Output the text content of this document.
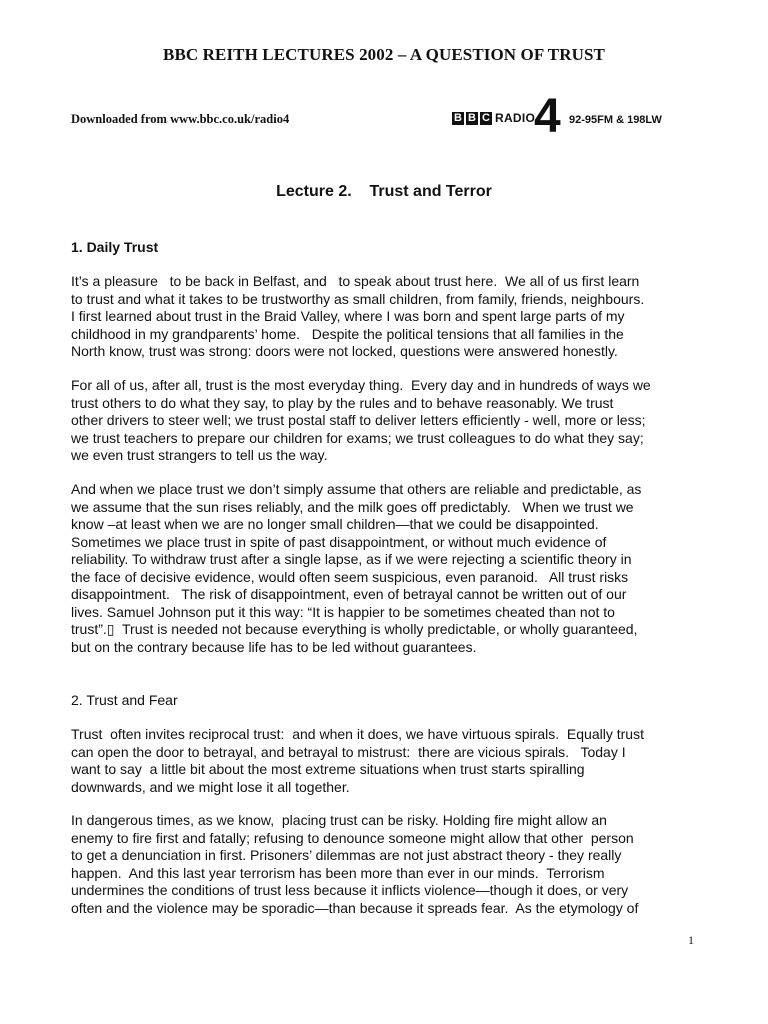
BBC REITH LECTURES 2002 – A QUESTION OF TRUST
Downloaded from www.bbc.co.uk/radio4	B B C RADIO
4 92-95FM & 198LW
Lecture 2.    Trust and Terror
1. Daily Trust
It’s a pleasure   to be back in Belfast, and   to speak about trust here.  We all of us first learn
to trust and what it takes to be trustworthy as small children, from family, friends, neighbours.
I first learned about trust in the Braid Valley, where I was born and spent large parts of my
childhood in my grandparents’ home.   Despite the political tensions that all families in the
North know, trust was strong: doors were not locked, questions were answered honestly.
For all of us, after all, trust is the most everyday thing.  Every day and in hundreds of ways we
trust others to do what they say, to play by the rules and to behave reasonably. We trust
other drivers to steer well; we trust postal staff to deliver letters efficiently - well, more or less;
we trust teachers to prepare our children for exams; we trust colleagues to do what they say;
we even trust strangers to tell us the way.
And when we place trust we don’t simply assume that others are reliable and predictable, as
we assume that the sun rises reliably, and the milk goes off predictably.   When we trust we
know –at least when we are no longer small children—that we could be disappointed.
Sometimes we place trust in spite of past disappointment, or without much evidence of
reliability. To withdraw trust after a single lapse, as if we were rejecting a scientific theory in
the face of decisive evidence, would often seem suspicious, even paranoid.   All trust risks
disappointment.   The risk of disappointment, even of betrayal cannot be written out of our
lives. Samuel Johnson put it this way: “It is happier to be sometimes cheated than not to
trust”.▯  Trust is needed not because everything is wholly predictable, or wholly guaranteed,
but on the contrary because life has to be led without guarantees.
2. Trust and Fear
Trust  often invites reciprocal trust:  and when it does, we have virtuous spirals.  Equally trust
can open the door to betrayal, and betrayal to mistrust:  there are vicious spirals.   Today I
want to say  a little bit about the most extreme situations when trust starts spiralling
downwards, and we might lose it all together.
In dangerous times, as we know,  placing trust can be risky. Holding fire might allow an
enemy to fire first and fatally; refusing to denounce someone might allow that other  person
to get a denunciation in first. Prisoners’ dilemmas are not just abstract theory - they really
happen.  And this last year terrorism has been more than ever in our minds.  Terrorism
undermines the conditions of trust less because it inflicts violence—though it does, or very
often and the violence may be sporadic—than because it spreads fear.  As the etymology of
1
